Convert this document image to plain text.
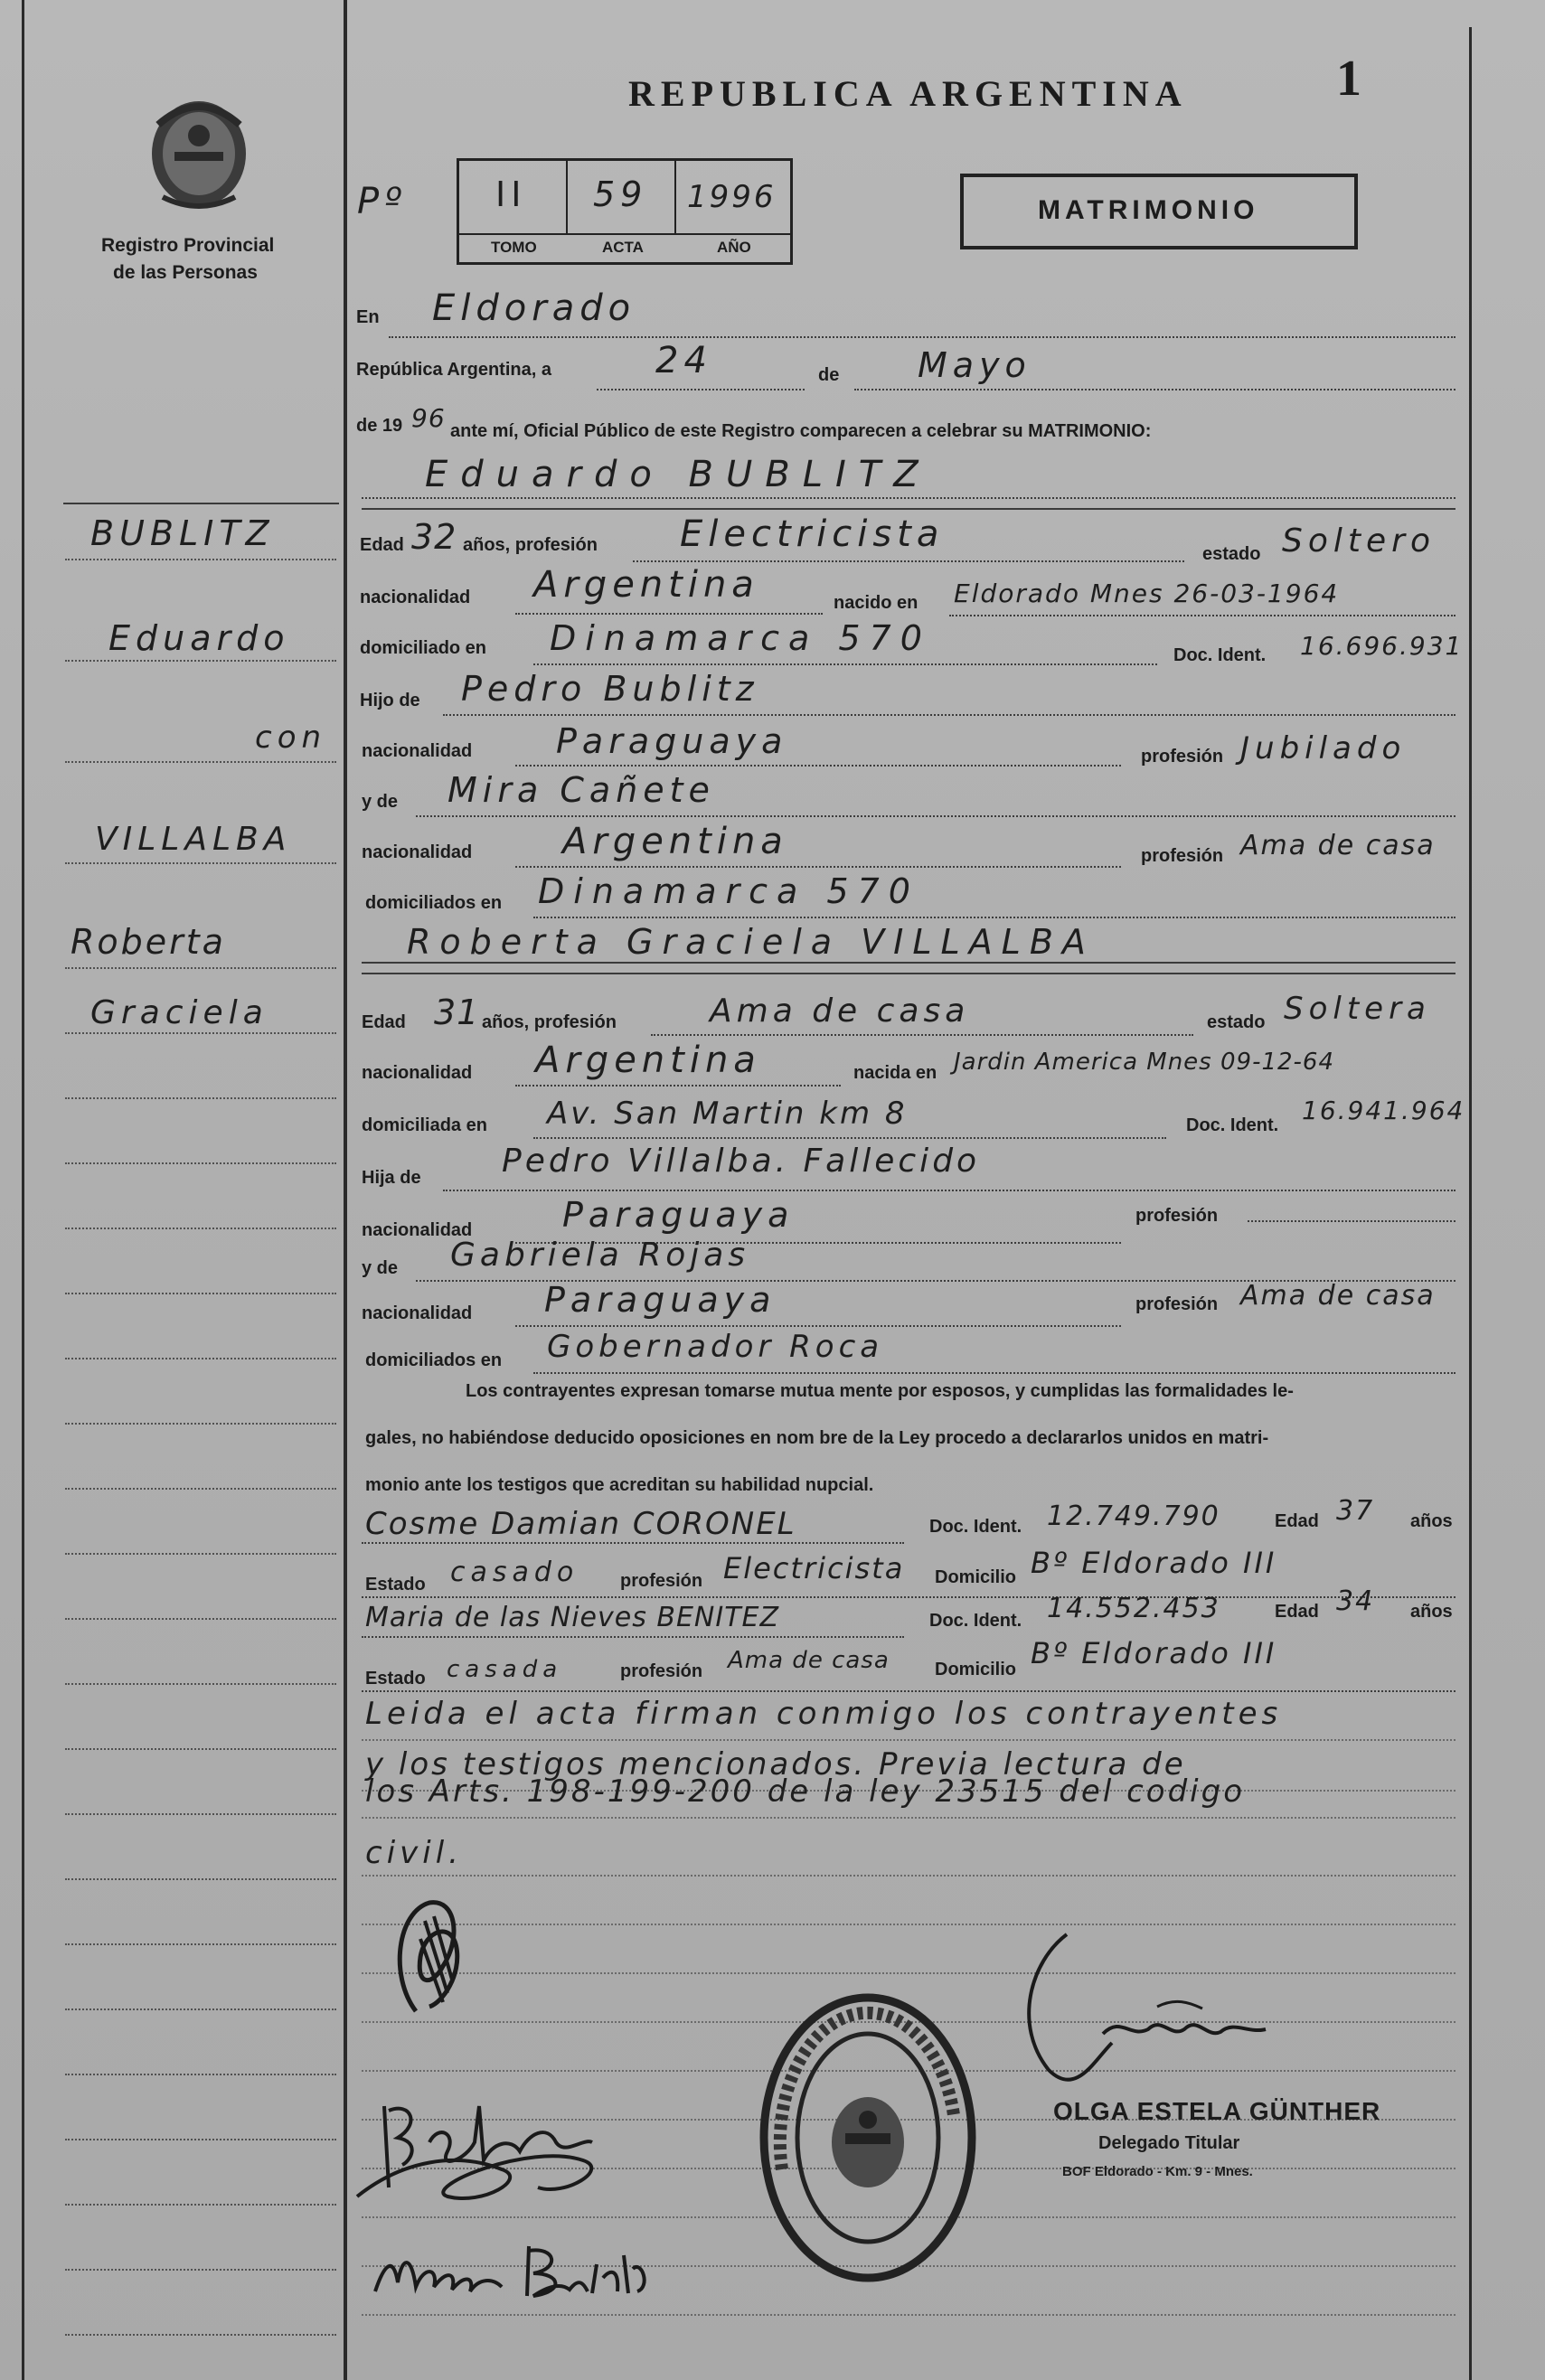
REPUBLICA ARGENTINA	1
Registro Provincial
de las Personas
Pº	II 59 1996
TOMO	ACTA	AÑO
MATRIMONIO
En Eldorado
República Argentina, a	24	de Mayo
de 19 96 ante mí, Oficial Público de este Registro comparecen a celebrar su MATRIMONIO:
Eduardo BUBLITZ
BUBLITZ
Eduardo
con
VILLALBA
Roberta
Graciela
Edad 32 años, profesión Electricista	estado Soltero
nacionalidad Argentina	nacido en Eldorado Mnes 26-03-1964
domiciliado en Dinamarca 570	Doc. Ident. 16.696.931
Hijo de Pedro Bublitz
nacionalidad Paraguaya	profesión Jubilado
y de Mira Cañete
nacionalidad Argentina	profesión Ama de casa
domiciliados en Dinamarca 570
Roberta Graciela VILLALBA
Edad 31 años, profesión	Ama de casa	estado Soltera
nacionalidad Argentina	nacida en Jardin America Mnes 09-12-64
domiciliada en Av. San Martin km 8	Doc. Ident. 16.941.964
Hija de Pedro Villalba. Fallecido
nacionalidad	Paraguaya	profesión
y de Gabriela Rojas
nacionalidad Paraguaya	profesión Ama de casa
domiciliados en Gobernador Roca
Los contrayentes expresan tomarse mutua mente por esposos, y cumplidas las formalidades le-
gales, no habiéndose deducido oposiciones en nom bre de la Ley procedo a declararlos unidos en matri-
monio ante los testigos que acreditan su habilidad nupcial.
Cosme Damian CORONEL	Doc. Ident. 12.749.790	Edad 37 años
Estado casado profesión Electricista Domicilio Bº Eldorado III
Maria de las Nieves BENITEZ	Doc. Ident. 14.552.453	Edad 34 años
Estado casada	profesión Ama de casa	Domicilio Bº Eldorado III
Leida el acta firman conmigo los contrayentes
y los testigos mencionados. Previa lectura de
los Arts. 198-199-200 de la ley 23515 del codigo
civil.
OLGA ESTELA GÜNTHER
Delegado Titular
BOF Eldorado - Km. 9 - Mnes.
